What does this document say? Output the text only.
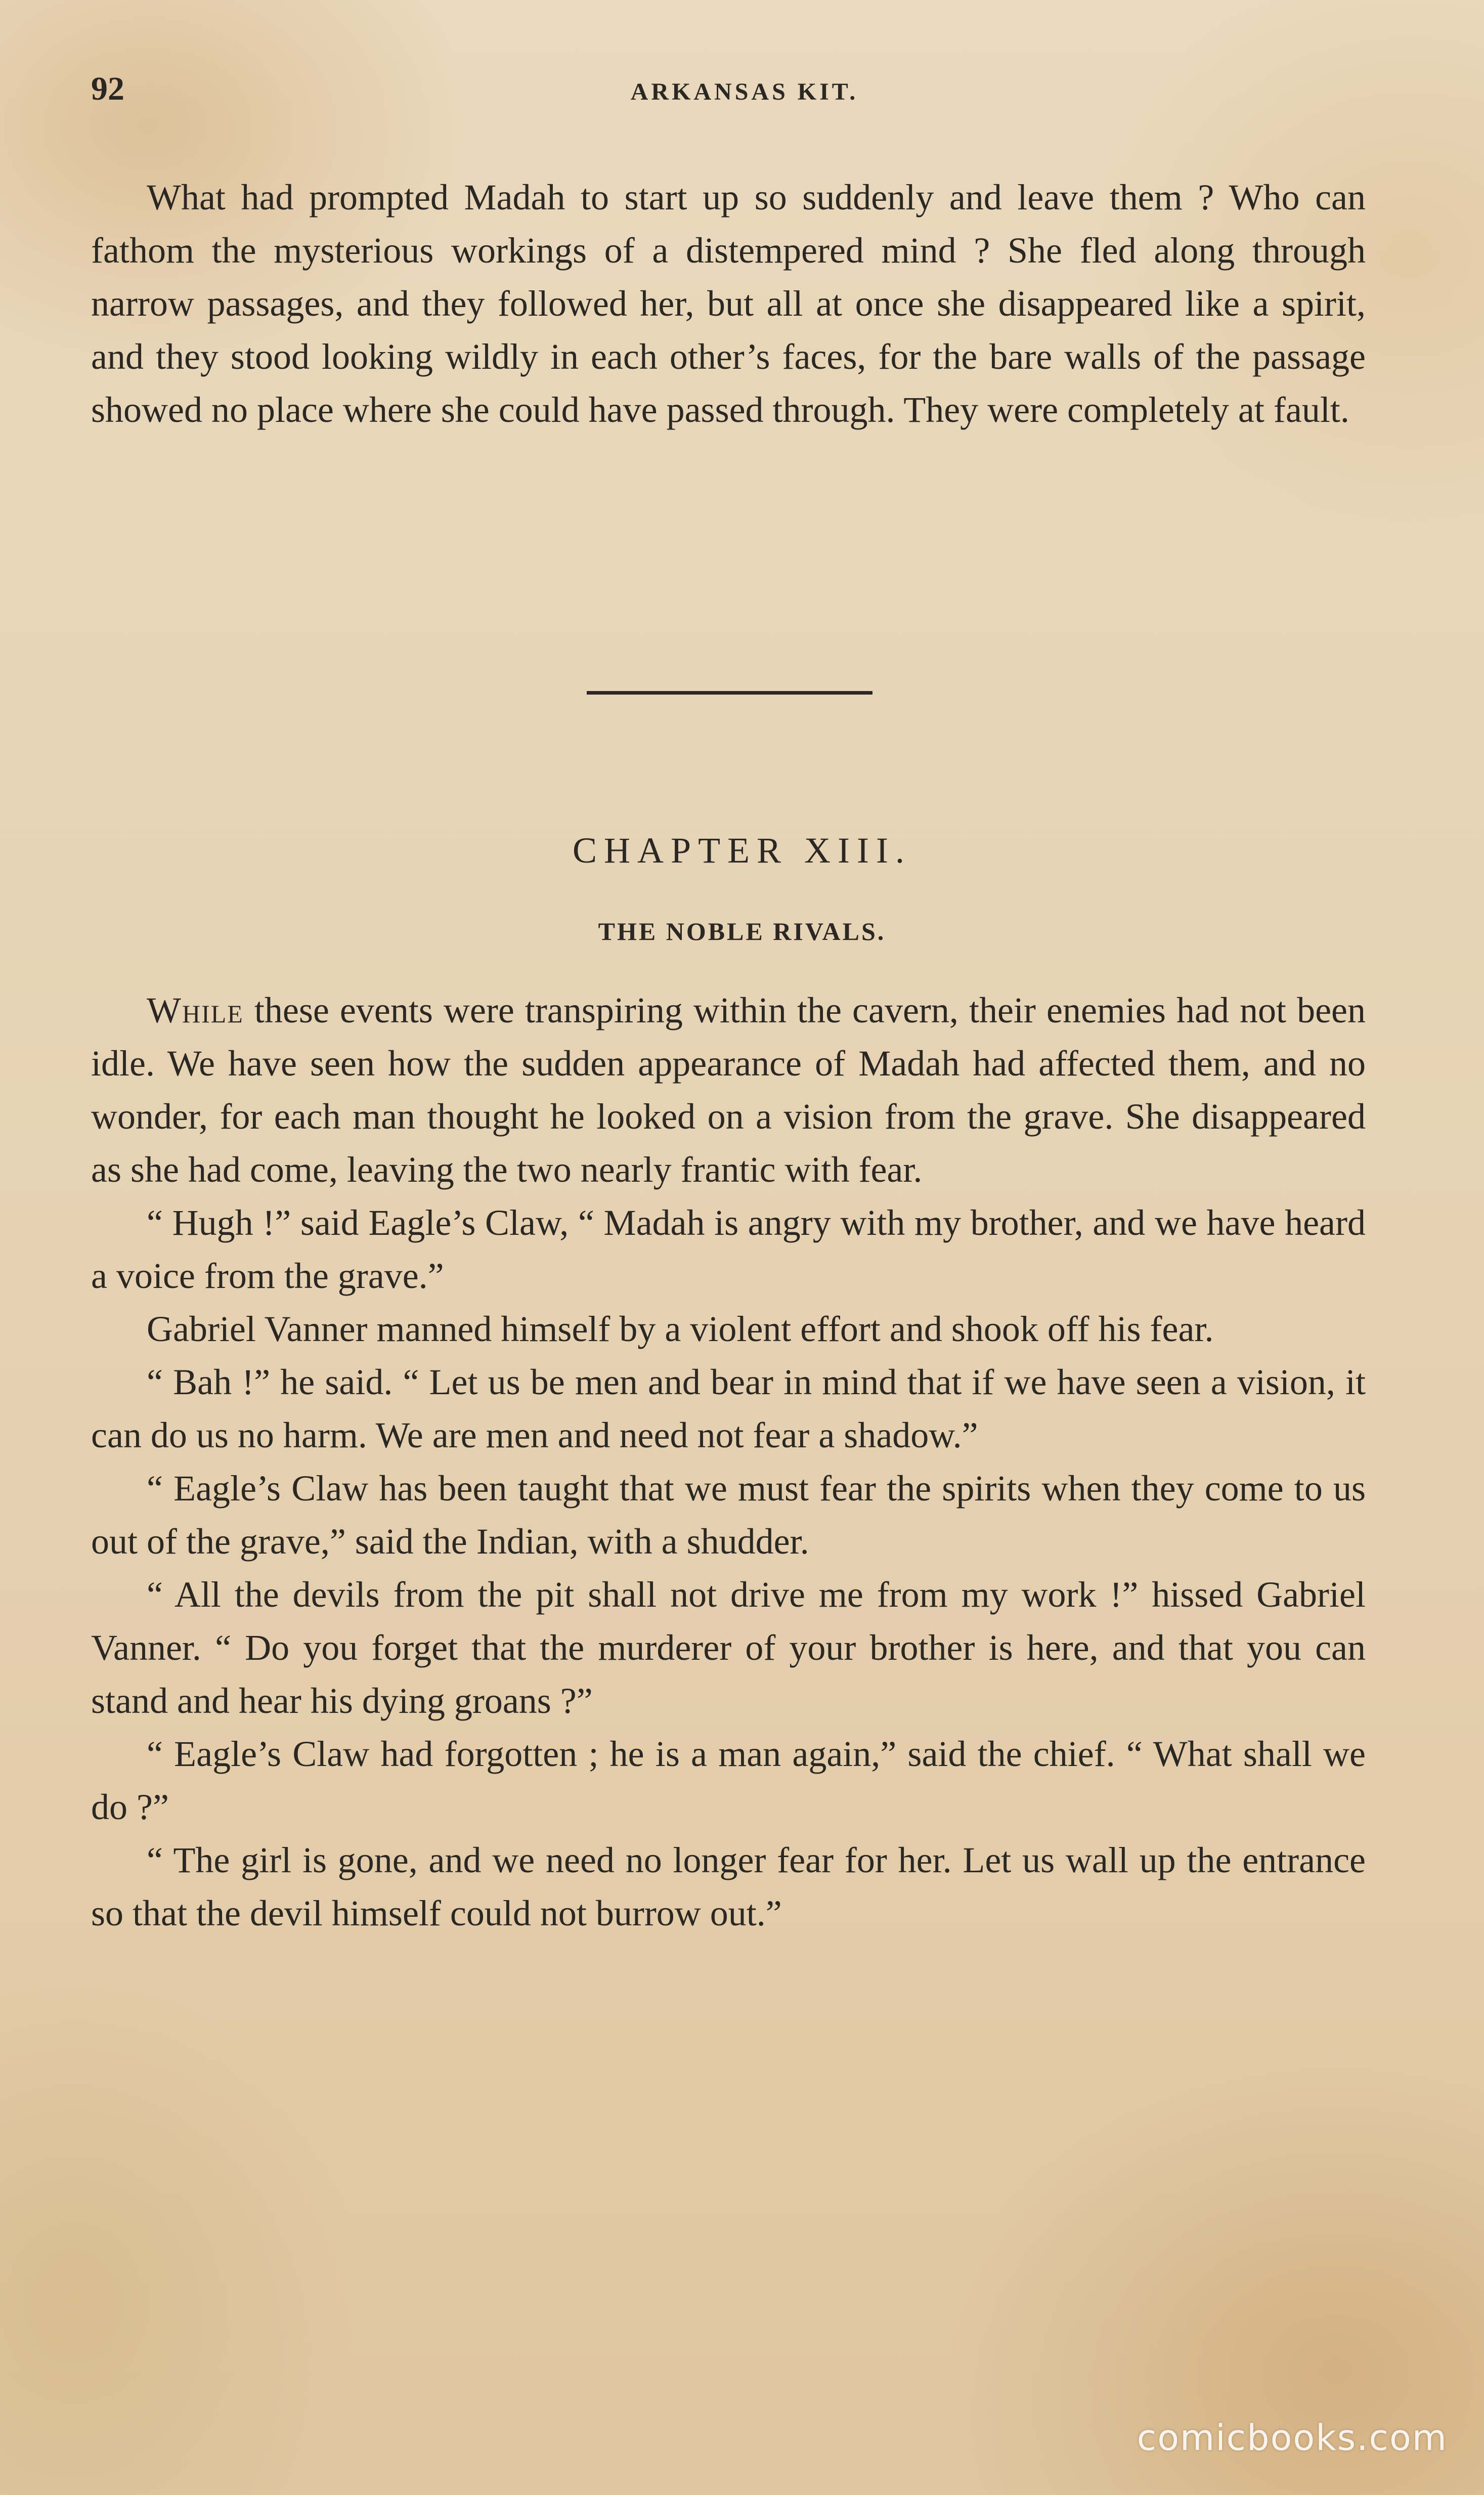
92	ARKANSAS KIT.

What had prompted Madah to start up so suddenly and leave them ? Who can fathom the mysterious workings of a distempered mind ? She fled along through narrow passages, and they followed her, but all at once she disappeared like a spirit, and they stood looking wildly in each other’s faces, for the bare walls of the passage showed no place where she could have passed through. They were completely at fault.

CHAPTER XIII.
THE NOBLE RIVALS.

While these events were transpiring within the cavern, their enemies had not been idle. We have seen how the sudden appearance of Madah had affected them, and no wonder, for each man thought he looked on a vision from the grave. She disappeared as she had come, leaving the two nearly frantic with fear.

“ Hugh !” said Eagle’s Claw, “ Madah is angry with my brother, and we have heard a voice from the grave.”

Gabriel Vanner manned himself by a violent effort and shook off his fear.

“ Bah !” he said. “ Let us be men and bear in mind that if we have seen a vision, it can do us no harm. We are men and need not fear a shadow.”

“ Eagle’s Claw has been taught that we must fear the spirits when they come to us out of the grave,” said the Indian, with a shudder.

“ All the devils from the pit shall not drive me from my work !” hissed Gabriel Vanner. “ Do you forget that the murderer of your brother is here, and that you can stand and hear his dying groans ?”

“ Eagle’s Claw had forgotten ; he is a man again,” said the chief. “ What shall we do ?”

“ The girl is gone, and we need no longer fear for her. Let us wall up the entrance so that the devil himself could not burrow out.”

comicbooks.com
